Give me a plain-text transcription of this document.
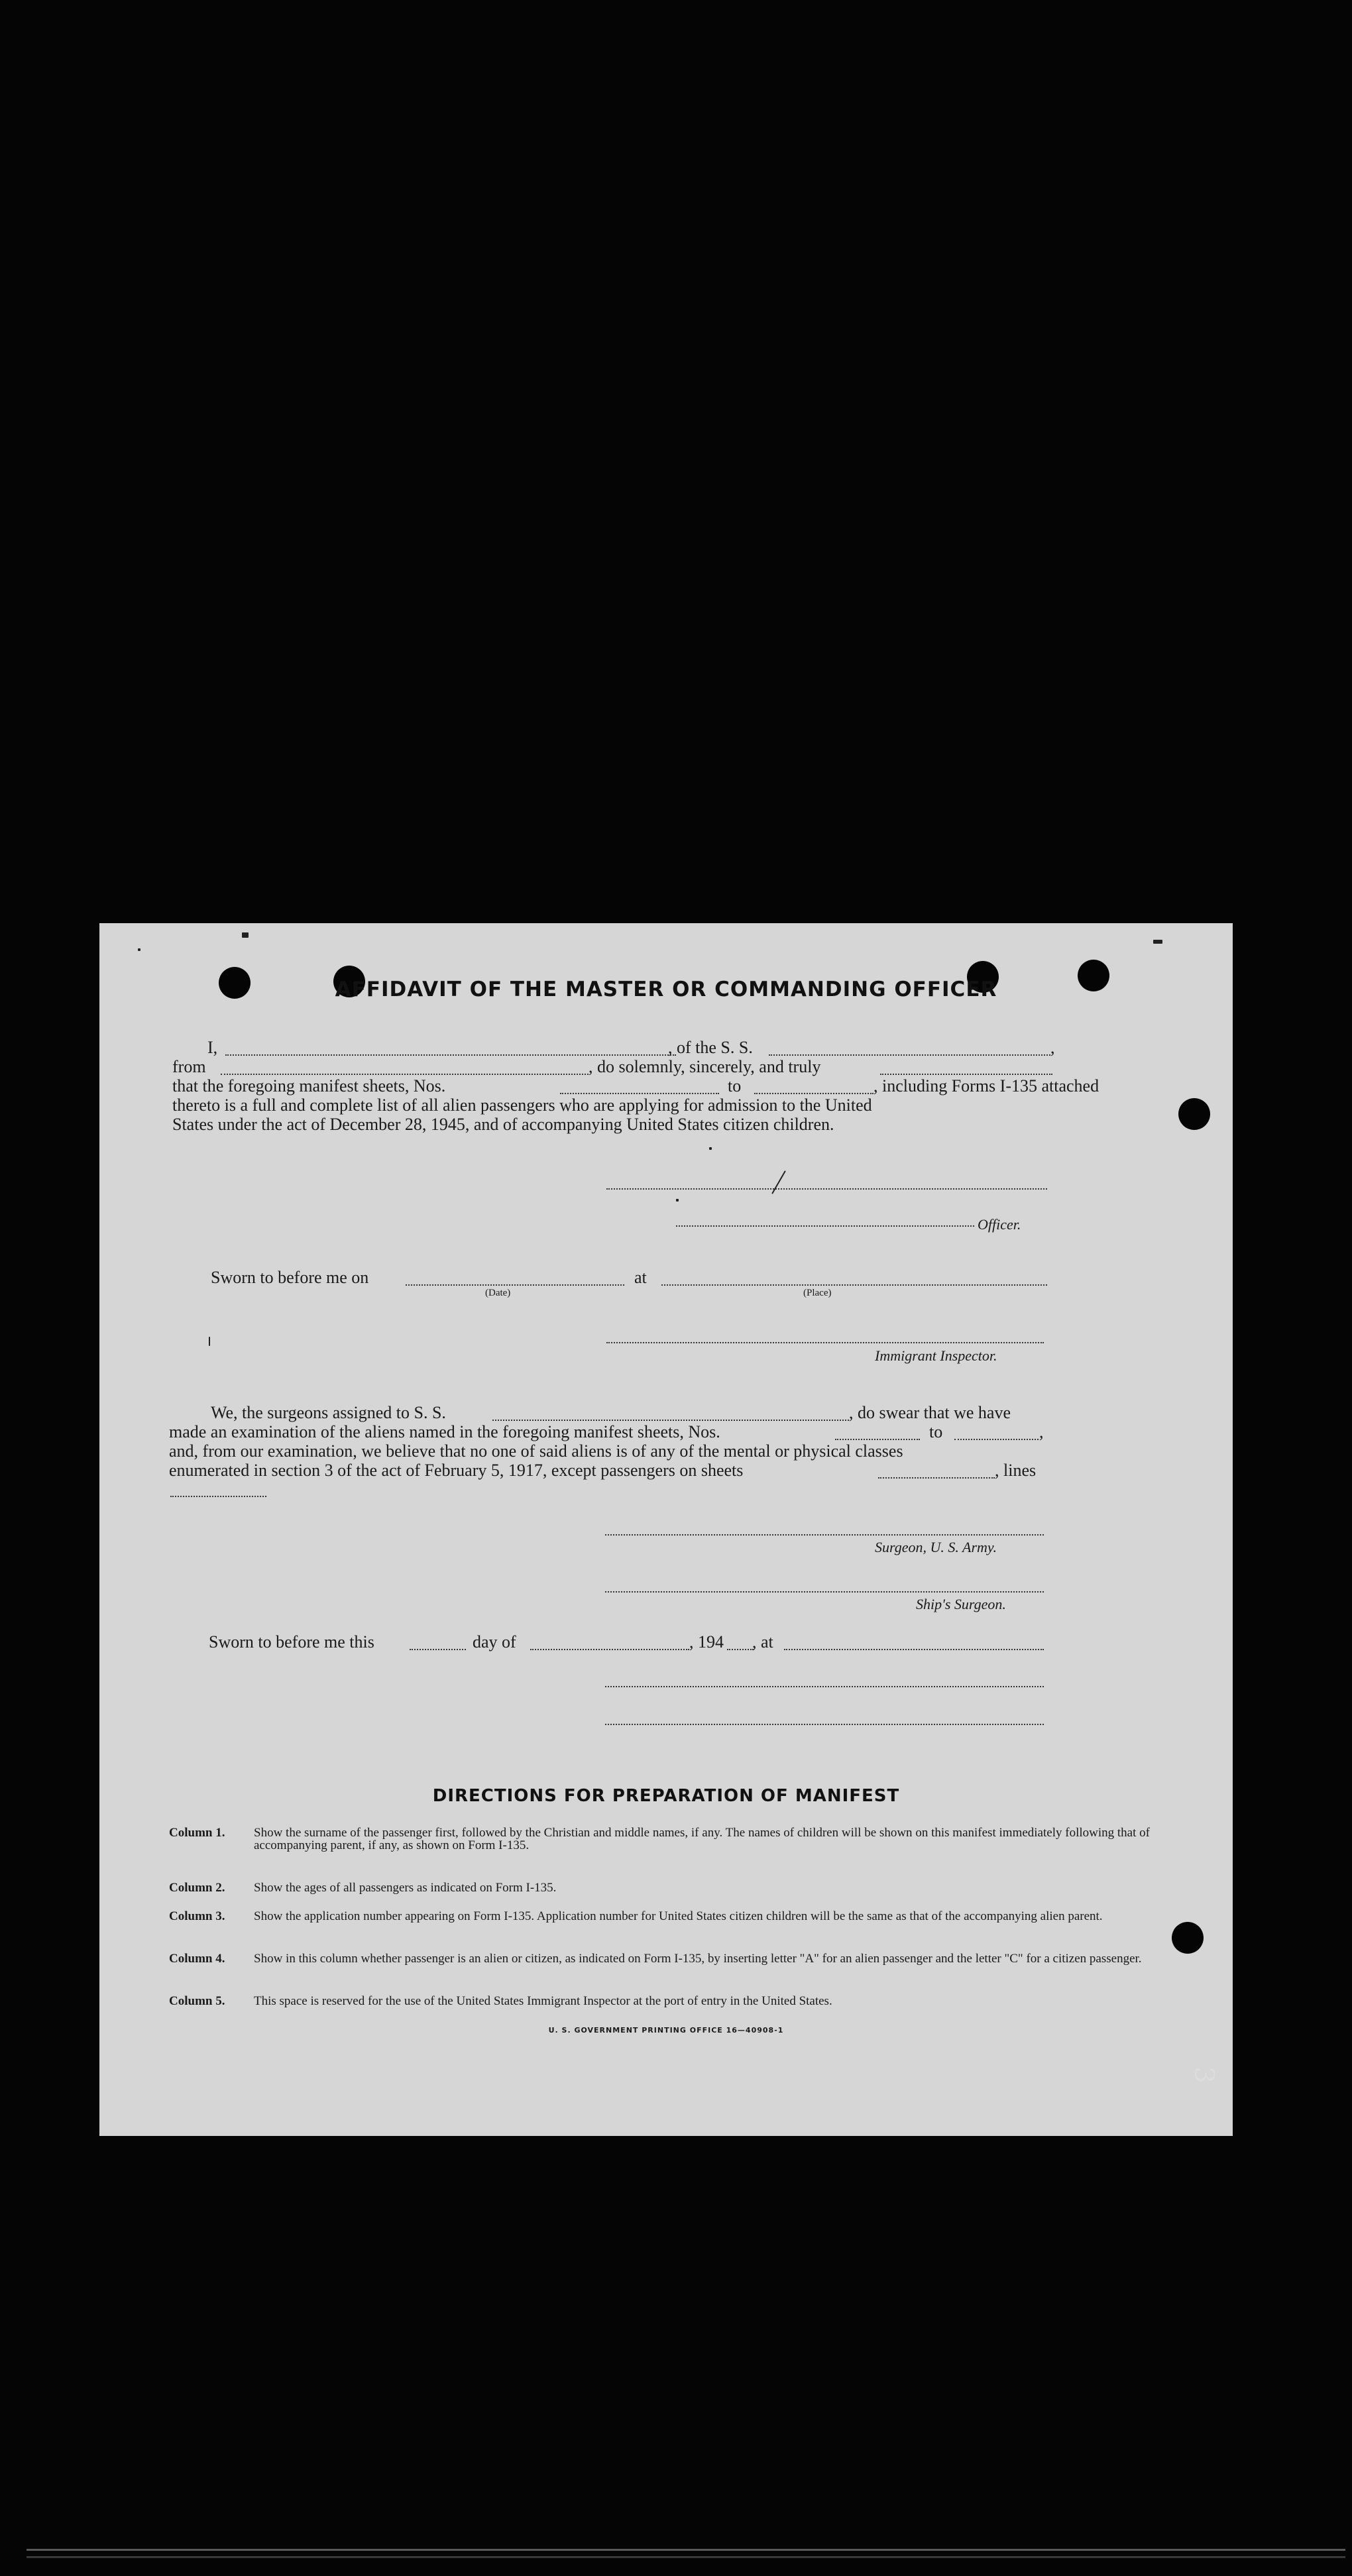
AFFIDAVIT OF THE MASTER OR COMMANDING OFFICER
I,	, of the S. S.	,
from	, do solemnly, sincerely, and truly
that the foregoing manifest sheets, Nos.	to	, including Forms I-135 attached
thereto is a full and complete list of all alien passengers who are applying for admission to the United
States under the act of December 28, 1945, and of accompanying United States citizen children.
Officer.
Sworn to before me on
(Date)
at
(Place)
Immigrant Inspector.
We, the surgeons assigned to S. S.	, do swear that we have
made an examination of the aliens named in the foregoing manifest sheets, Nos.	to	,
and, from our examination, we believe that no one of said aliens is of any of the mental or physical classes
enumerated in section 3 of the act of February 5, 1917, except passengers on sheets	, lines
Surgeon, U. S. Army.
Ship's Surgeon.
Sworn to before me this	day of	, 194 , at
DIRECTIONS FOR PREPARATION OF MANIFEST
Column 1. Show the surname of the passenger first, followed by the Christian and middle names, if any. The names of children will be shown on this manifest immediately following that of accompanying parent, if any, as shown on Form I-135.
Column 2. Show the ages of all passengers as indicated on Form I-135.
Column 3. Show the application number appearing on Form I-135. Application number for United States citizen children will be the same as that of the accompanying alien parent.
Column 4. Show in this column whether passenger is an alien or citizen, as indicated on Form I-135, by inserting letter "A" for an alien passenger and the letter "C" for a citizen passenger.
Column 5. This space is reserved for the use of the United States Immigrant Inspector at the port of entry in the United States.
U. S. GOVERNMENT PRINTING OFFICE 16—40908-1
3
